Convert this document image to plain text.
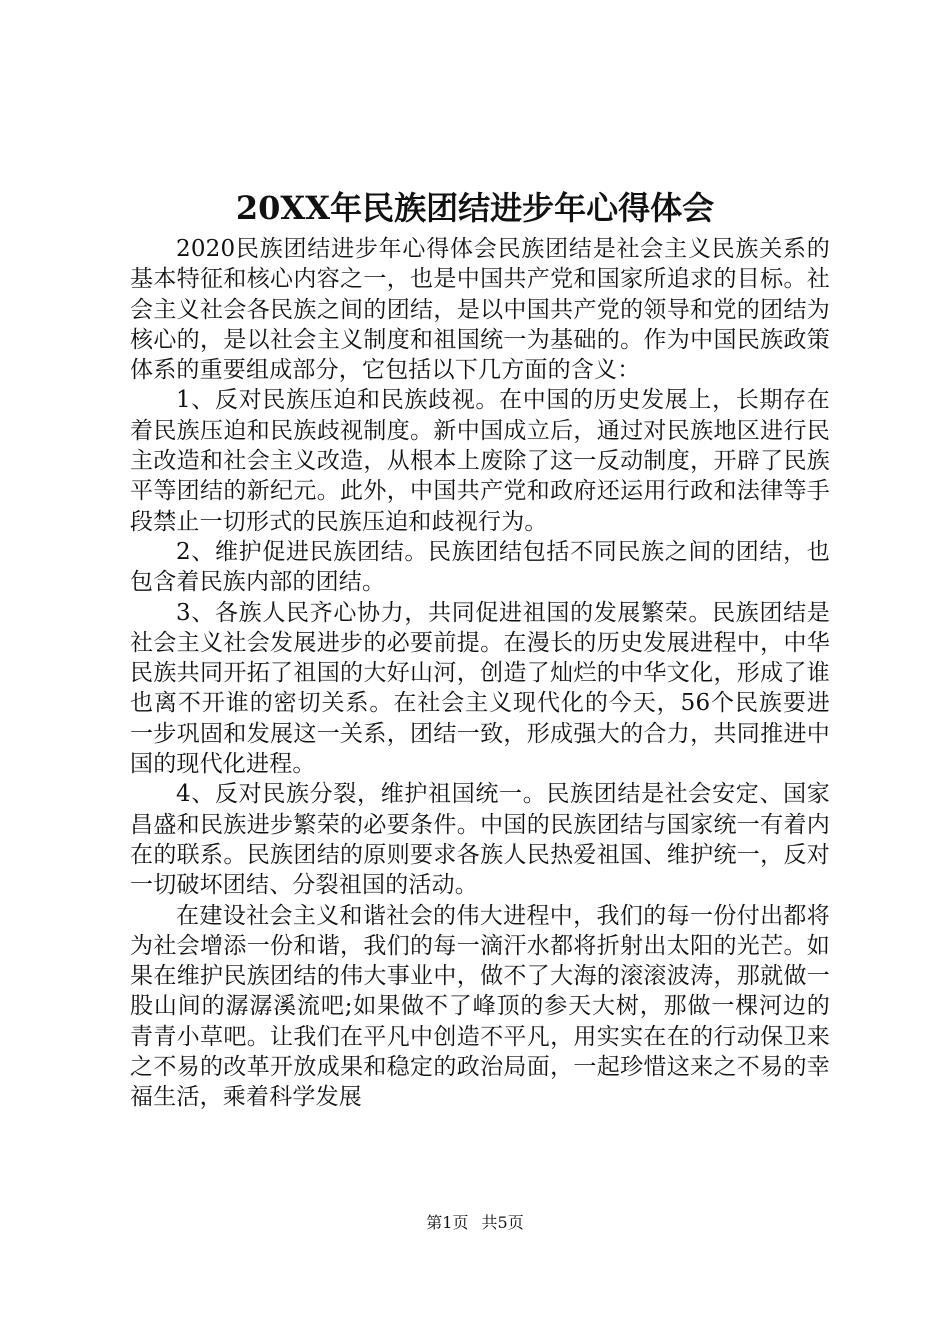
20XX年民族团结进步年心得体会

2020民族团结进步年心得体会民族团结是社会主义民族关系的基本特征和核心内容之一，也是中国共产党和国家所追求的目标。社会主义社会各民族之间的团结，是以中国共产党的领导和党的团结为核心的，是以社会主义制度和祖国统一为基础的。作为中国民族政策体系的重要组成部分，它包括以下几方面的含义：

1、反对民族压迫和民族歧视。在中国的历史发展上，长期存在着民族压迫和民族歧视制度。新中国成立后，通过对民族地区进行民主改造和社会主义改造，从根本上废除了这一反动制度，开辟了民族平等团结的新纪元。此外，中国共产党和政府还运用行政和法律等手段禁止一切形式的民族压迫和歧视行为。

2、维护促进民族团结。民族团结包括不同民族之间的团结，也包含着民族内部的团结。

3、各族人民齐心协力，共同促进祖国的发展繁荣。民族团结是社会主义社会发展进步的必要前提。在漫长的历史发展进程中，中华民族共同开拓了祖国的大好山河，创造了灿烂的中华文化，形成了谁也离不开谁的密切关系。在社会主义现代化的今天，56个民族要进一步巩固和发展这一关系，团结一致，形成强大的合力，共同推进中国的现代化进程。

4、反对民族分裂，维护祖国统一。民族团结是社会安定、国家昌盛和民族进步繁荣的必要条件。中国的民族团结与国家统一有着内在的联系。民族团结的原则要求各族人民热爱祖国、维护统一，反对一切破坏团结、分裂祖国的活动。

在建设社会主义和谐社会的伟大进程中，我们的每一份付出都将为社会增添一份和谐，我们的每一滴汗水都将折射出太阳的光芒。如果在维护民族团结的伟大事业中，做不了大海的滚滚波涛，那就做一股山间的潺潺溪流吧;如果做不了峰顶的参天大树，那做一棵河边的青青小草吧。让我们在平凡中创造不平凡，用实实在在的行动保卫来之不易的改革开放成果和稳定的政治局面，一起珍惜这来之不易的幸福生活，乘着科学发展

第1页 共5页
